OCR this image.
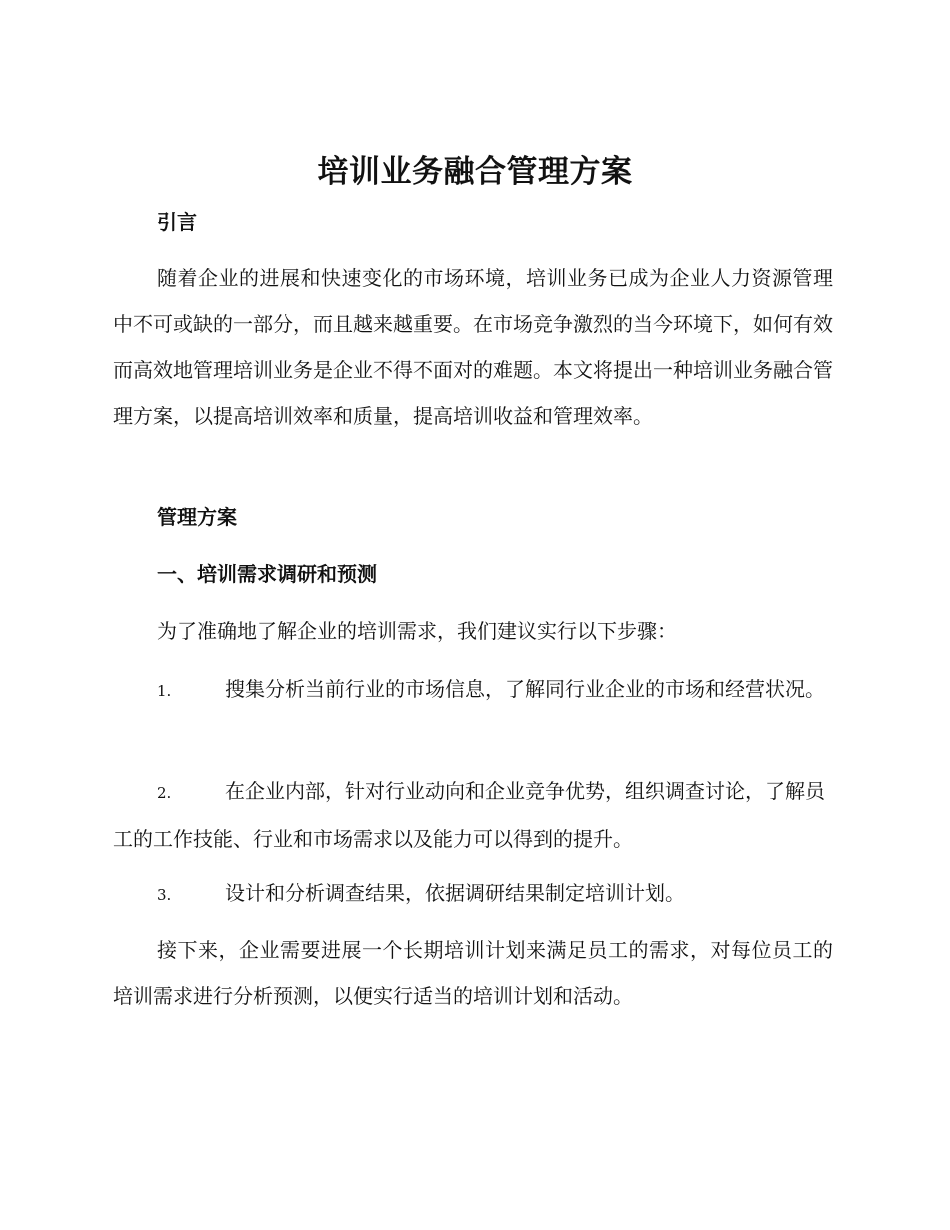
培训业务融合管理方案
引言
随着企业的进展和快速变化的市场环境，培训业务已成为企业人力资源管理中不可或缺的一部分，而且越来越重要。在市场竞争激烈的当今环境下，如何有效而高效地管理培训业务是企业不得不面对的难题。本文将提出一种培训业务融合管理方案，以提高培训效率和质量，提高培训收益和管理效率。
管理方案
一、培训需求调研和预测
为了准确地了解企业的培训需求，我们建议实行以下步骤：
1.	搜集分析当前行业的市场信息，了解同行业企业的市场和经营状况。
2.	在企业内部，针对行业动向和企业竞争优势，组织调查讨论，了解员工的工作技能、行业和市场需求以及能力可以得到的提升。
3.	设计和分析调查结果，依据调研结果制定培训计划。
接下来，企业需要进展一个长期培训计划来满足员工的需求，对每位员工的培训需求进行分析预测，以便实行适当的培训计划和活动。
